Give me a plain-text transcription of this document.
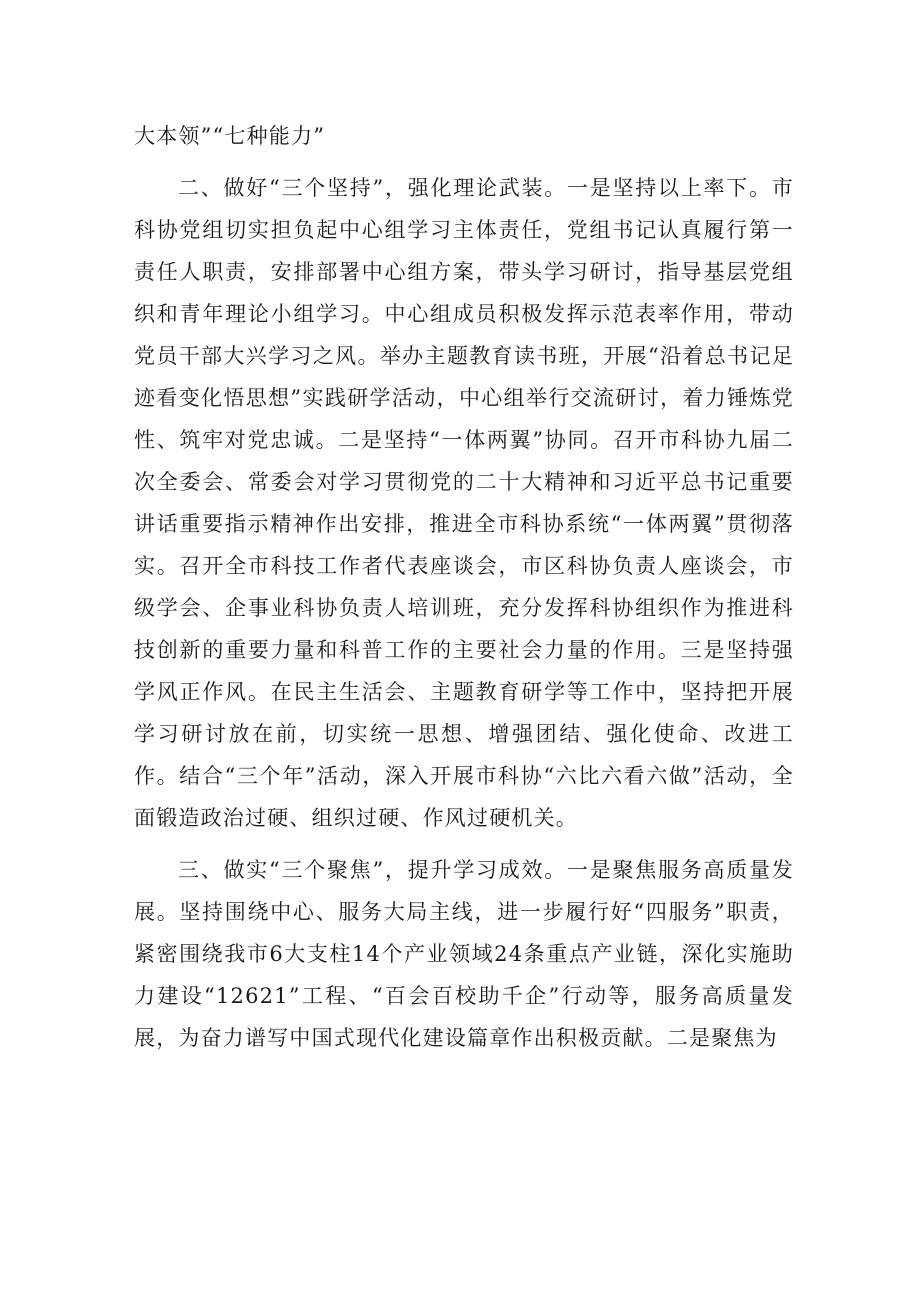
大本领”“七种能力”

二、做好“三个坚持”，强化理论武装。一是坚持以上率下。市科协党组切实担负起中心组学习主体责任，党组书记认真履行第一责任人职责，安排部署中心组方案，带头学习研讨，指导基层党组织和青年理论小组学习。中心组成员积极发挥示范表率作用，带动党员干部大兴学习之风。举办主题教育读书班，开展“沿着总书记足迹看变化悟思想”实践研学活动，中心组举行交流研讨，着力锤炼党性、筑牢对党忠诚。二是坚持“一体两翼”协同。召开市科协九届二次全委会、常委会对学习贯彻党的二十大精神和习近平总书记重要讲话重要指示精神作出安排，推进全市科协系统“一体两翼”贯彻落实。召开全市科技工作者代表座谈会，市区科协负责人座谈会，市级学会、企事业科协负责人培训班，充分发挥科协组织作为推进科技创新的重要力量和科普工作的主要社会力量的作用。三是坚持强学风正作风。在民主生活会、主题教育研学等工作中，坚持把开展学习研讨放在前，切实统一思想、增强团结、强化使命、改进工作。结合“三个年”活动，深入开展市科协“六比六看六做”活动，全面锻造政治过硬、组织过硬、作风过硬机关。

三、做实“三个聚焦”，提升学习成效。一是聚焦服务高质量发展。坚持围绕中心、服务大局主线，进一步履行好“四服务”职责，紧密围绕我市6大支柱14个产业领域24条重点产业链，深化实施助力建设“12621”工程、“百会百校助千企”行动等，服务高质量发展，为奋力谱写中国式现代化建设篇章作出积极贡献。二是聚焦为
